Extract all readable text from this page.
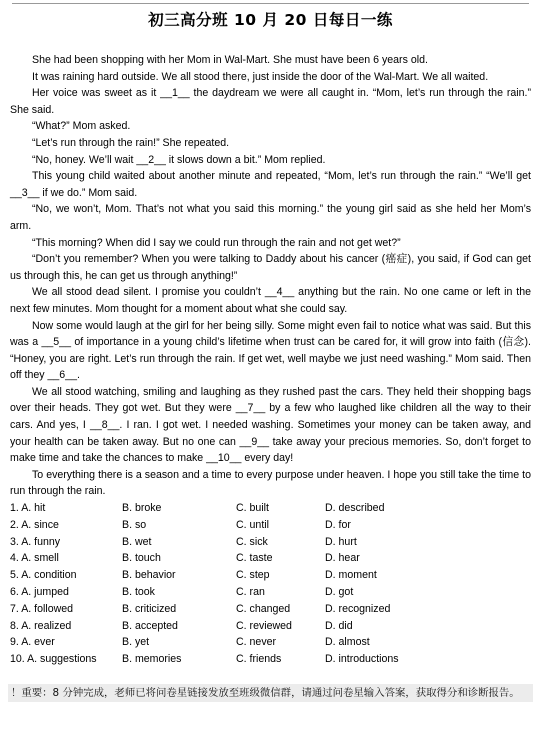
初三高分班 10 月 20 日每日一练

She had been shopping with her Mom in Wal-Mart. She must have been 6 years old.

It was raining hard outside. We all stood there, just inside the door of the Wal-Mart. We all waited.

Her voice was sweet as it __1__ the daydream we were all caught in. “Mom, let’s run through the rain.” She said.

“What?” Mom asked.

“Let’s run through the rain!” She repeated.

“No, honey. We’ll wait __2__ it slows down a bit.” Mom replied.

This young child waited about another minute and repeated, “Mom, let’s run through the rain.” “We’ll get __3__ if we do.” Mom said.

“No, we won’t, Mom. That’s not what you said this morning.” the young girl said as she held her Mom’s arm.

“This morning? When did I say we could run through the rain and not get wet?”

“Don’t you remember? When you were talking to Daddy about his cancer (癌症), you said, if God can get us through this, he can get us through anything!”

We all stood dead silent. I promise you couldn’t __4__ anything but the rain. No one came or left in the next few minutes. Mom thought for a moment about what she could say.

Now some would laugh at the girl for her being silly. Some might even fail to notice what was said. But this was a __5__ of importance in a young child’s lifetime when trust can be cared for, it will grow into faith (信念). “Honey, you are right. Let’s run through the rain. If get wet, well maybe we just need washing.” Mom said. Then off they __6__.

We all stood watching, smiling and laughing as they rushed past the cars. They held their shopping bags over their heads. They got wet. But they were __7__ by a few who laughed like children all the way to their cars. And yes, I __8__. I ran. I got wet. I needed washing. Sometimes your money can be taken away, and your health can be taken away. But no one can __9__ take away your precious memories. So, don’t forget to make time and take the chances to make __10__ every day!

To everything there is a season and a time to every purpose under heaven. I hope you still take the time to run through the rain.

1. A. hit	B. broke	C. built	D. described
2. A. since	B. so	C. until	D. for
3. A. funny	B. wet	C. sick	D. hurt
4. A. smell	B. touch	C. taste	D. hear
5. A. condition	B. behavior	C. step	D. moment
6. A. jumped	B. took	C. ran	D. got
7. A. followed	B. criticized	C. changed	D. recognized
8. A. realized	B. accepted	C. reviewed	D. did
9. A. ever	B. yet	C. never	D. almost
10. A. suggestions B. memories	C. friends	D. introductions
！重要：8 分钟完成，老师已将问卷星链接发放至班级微信群，请通过问卷星输入答案，获取得分和诊断报告。
